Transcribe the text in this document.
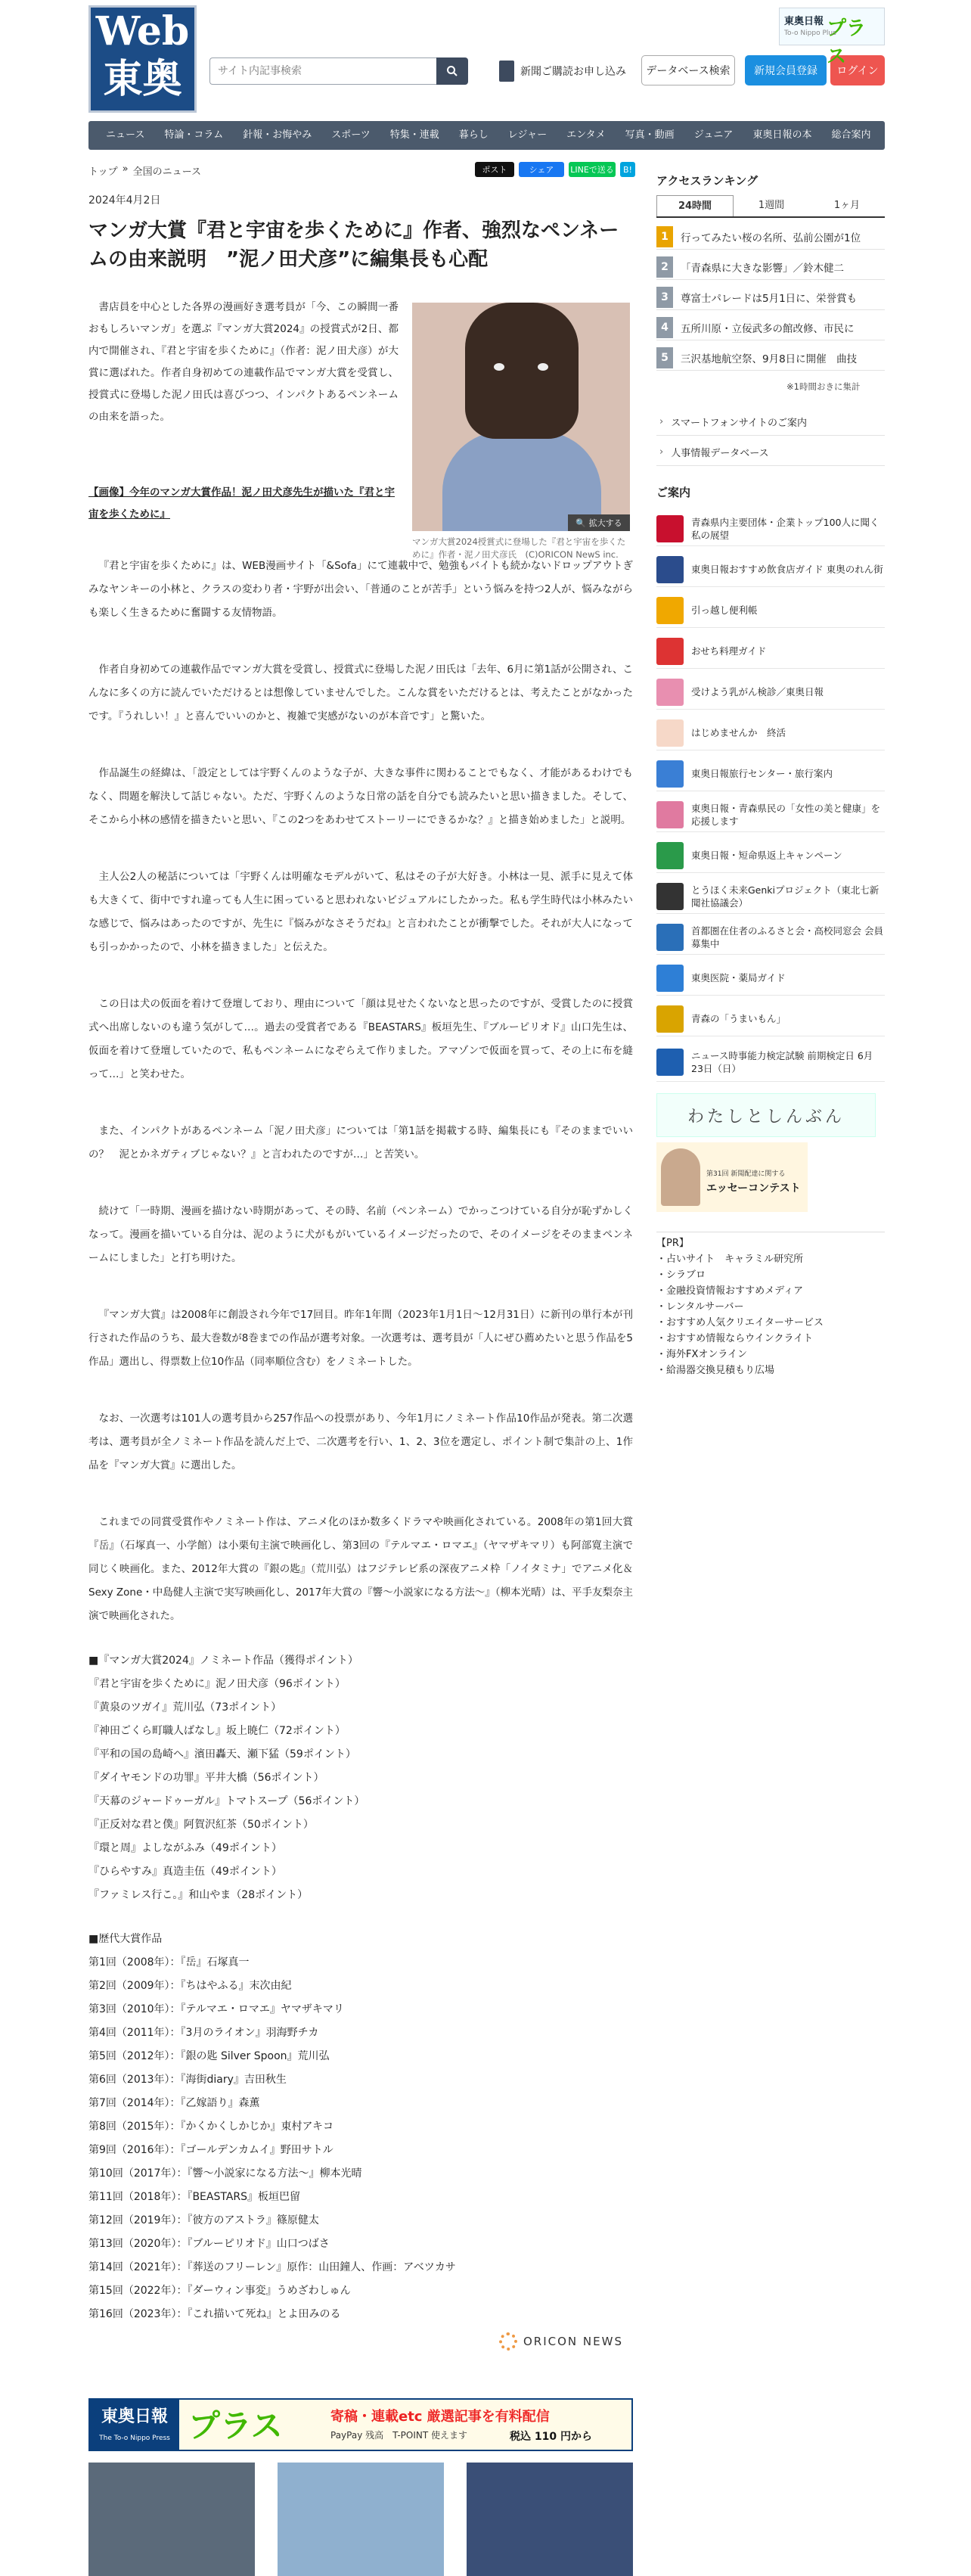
Web
東奥
サイト内記事検索	新聞ご購読お申し込み	データベース検索	新規会員登録	ログイン
東奥日報 プラス
To-o Nippo Plus
ニュース	特論・コラム	針報・お悔やみ	スポーツ	特集・連載	暮らし	レジャー	エンタメ	写真・動画	ジュニア	東奥日報の本	総合案内
トップ » 全国のニュース	ポスト	シェア	LINEで送る	B!
2024年4月2日
マンガ大賞『君と宇宙を歩くために』作者、強烈なペンネームの由来説明　”泥ノ田犬彦”に編集長も心配

書店員を中心とした各界の漫画好き選考員が「今、この瞬間一番おもしろいマンガ」を選ぶ『マンガ大賞2024』の授賞式が2日、都内で開催され、『君と宇宙を歩くために』（作者：泥ノ田犬彦）が大賞に選ばれた。作者自身初めての連載作品でマンガ大賞を受賞し、授賞式に登場した泥ノ田氏は喜びつつ、インパクトあるペンネームの由来を語った。

🔍 拡大する

マンガ大賞2024授賞式に登場した『君と宇宙を歩くために』作者・泥ノ田犬彦氏　(C)ORICON NewS inc.

【画像】今年のマンガ大賞作品！泥ノ田犬彦先生が描いた『君と宇宙を歩くために』

『君と宇宙を歩くために』は、WEB漫画サイト「&Sofa」にて連載中で、勉強もバイトも続かないドロップアウトぎみなヤンキーの小林と、クラスの変わり者・宇野が出会い、「普通のことが苦手」という悩みを持つ2人が、悩みながらも楽しく生きるために奮闘する友情物語。

作者自身初めての連載作品でマンガ大賞を受賞し、授賞式に登場した泥ノ田氏は「去年、6月に第1話が公開され、こんなに多くの方に読んでいただけるとは想像していませんでした。こんな賞をいただけるとは、考えたことがなかったです。『うれしい！』と喜んでいいのかと、複雑で実感がないのが本音です」と驚いた。

作品誕生の経緯は、「設定としては宇野くんのような子が、大きな事件に関わることでもなく、才能があるわけでもなく、問題を解決して話じゃない。ただ、宇野くんのような日常の話を自分でも読みたいと思い描きました。そして、そこから小林の感情を描きたいと思い、『この2つをあわせてストーリーにできるかな？』と描き始めました」と説明。

主人公2人の秘話については「宇野くんは明確なモデルがいて、私はその子が大好き。小林は一見、派手に見えて体も大きくて、街中ですれ違っても人生に困っていると思われないビジュアルにしたかった。私も学生時代は小林みたいな感じで、悩みはあったのですが、先生に『悩みがなさそうだね』と言われたことが衝撃でした。それが大人になっても引っかかったので、小林を描きました」と伝えた。

この日は犬の仮面を着けて登壇しており、理由について「顔は見せたくないなと思ったのですが、受賞したのに授賞式へ出席しないのも違う気がして…。過去の受賞者である『BEASTARS』板垣先生、『ブルーピリオド』山口先生は、仮面を着けて登壇していたので、私もペンネームになぞらえて作りました。アマゾンで仮面を買って、その上に布を縫って…」と笑わせた。

また、インパクトがあるペンネーム「泥ノ田犬彦」については「第1話を掲載する時、編集長にも『そのままでいいの？　泥とかネガティブじゃない？』と言われたのですが…」と苦笑い。

続けて「一時期、漫画を描けない時期があって、その時、名前（ペンネーム）でかっこつけている自分が恥ずかしくなって。漫画を描いている自分は、泥のように犬がもがいているイメージだったので、そのイメージをそのままペンネームにしました」と打ち明けた。

『マンガ大賞』は2008年に創設され今年で17回目。昨年1年間（2023年1月1日～12月31日）に新刊の単行本が刊行された作品のうち、最大巻数が8巻までの作品が選考対象。一次選考は、選考員が「人にぜひ薦めたいと思う作品を5作品」選出し、得票数上位10作品（同率順位含む）をノミネートした。

なお、一次選考は101人の選考員から257作品への投票があり、今年1月にノミネート作品10作品が発表。第二次選考は、選考員が全ノミネート作品を読んだ上で、二次選考を行い、1、2、3位を選定し、ポイント制で集計の上、1作品を『マンガ大賞』に選出した。

これまでの同賞受賞作やノミネート作は、アニメ化のほか数多くドラマや映画化されている。2008年の第1回大賞『岳』（石塚真一、小学館）は小栗旬主演で映画化し、第3回の『テルマエ・ロマエ』（ヤマザキマリ）も阿部寛主演で同じく映画化。また、2012年大賞の『銀の匙』（荒川弘）はフジテレビ系の深夜アニメ枠「ノイタミナ」でアニメ化＆Sexy Zone・中島健人主演で実写映画化し、2017年大賞の『響～小説家になる方法～』（柳本光晴）は、平手友梨奈主演で映画化された。

■『マンガ大賞2024』ノミネート作品（獲得ポイント）
『君と宇宙を歩くために』泥ノ田犬彦（96ポイント）
『黄泉のツガイ』荒川弘（73ポイント）
『神田ごくら町職人ばなし』坂上暁仁（72ポイント）
『平和の国の島崎へ』濱田轟天、瀬下猛（59ポイント）
『ダイヤモンドの功罪』平井大橋（56ポイント）
『天幕のジャードゥーガル』トマトスープ（56ポイント）
『正反対な君と僕』阿賀沢紅茶（50ポイント）
『環と周』よしながふみ（49ポイント）
『ひらやすみ』真造圭伍（49ポイント）
『ファミレス行こ。』和山やま（28ポイント）
■歴代大賞作品
第1回（2008年）：『岳』石塚真一
第2回（2009年）：『ちはやふる』末次由紀
第3回（2010年）：『テルマエ・ロマエ』ヤマザキマリ
第4回（2011年）：『3月のライオン』羽海野チカ
第5回（2012年）：『銀の匙 Silver Spoon』荒川弘
第6回（2013年）：『海街diary』吉田秋生
第7回（2014年）：『乙嫁語り』森薫
第8回（2015年）：『かくかくしかじか』東村アキコ
第9回（2016年）：『ゴールデンカムイ』野田サトル
第10回（2017年）：『響～小説家になる方法～』柳本光晴
第11回（2018年）：『BEASTARS』板垣巴留
第12回（2019年）：『彼方のアストラ』篠原健太
第13回（2020年）：『ブルーピリオド』山口つばさ
第14回（2021年）：『葬送のフリーレン』原作：山田鐘人、作画：アベツカサ
第15回（2022年）：『ダーウィン事変』うめざわしゅん
第16回（2023年）：『これ描いて死ね』とよ田みのる
ORICON NEWS
東奥日報
The To-o Nippo Press プラス	寄稿・連載etc 厳選記事を有料配信
PayPay 残高　T-POINT 使えます	税込 110 円から
アクセスランキング
24時間	1週間	1ヶ月
1	行ってみたい桜の名所、弘前公園が1位
2	「青森県に大きな影響」／鈴木健二
3	尊富士パレードは5月1日に、栄誉賞も
4	五所川原・立佞武多の館改修、市民に
5	三沢基地航空祭、9月8日に開催　曲技
※1時間おきに集計
› スマートフォンサイトのご案内
› 人事情報データベース
ご案内
青森県内主要団体・企業トップ100人に聞く私の展望
東奥日報おすすめ飲食店ガイド 東奥のれん街
引っ越し便利帳
おせち料理ガイド
受けよう乳がん検診／東奥日報
はじめませんか　終活
東奥日報旅行センター・旅行案内
東奥日報・青森県民の「女性の美と健康」を応援します
東奥日報・短命県返上キャンペーン
とうほく未来Genkiプロジェクト（東北七新聞社協議会）
首都圏在住者のふるさと会・高校同窓会 会員募集中
東奥医院・薬局ガイド
青森の「うまいもん」
ニュース時事能力検定試験 前期検定日 6月23日（日）
わたしとしんぶん
第31回 新聞配達に関する
エッセーコンテスト
【PR】
・占いサイト　キャラミル研究所
・シラブロ
・金融投資情報おすすめメディア
・レンタルサーバー
・おすすめ人気クリエイターサービス
・おすすめ情報ならウインクライト
・海外FXオンライン
・給湯器交換見積もり広場
